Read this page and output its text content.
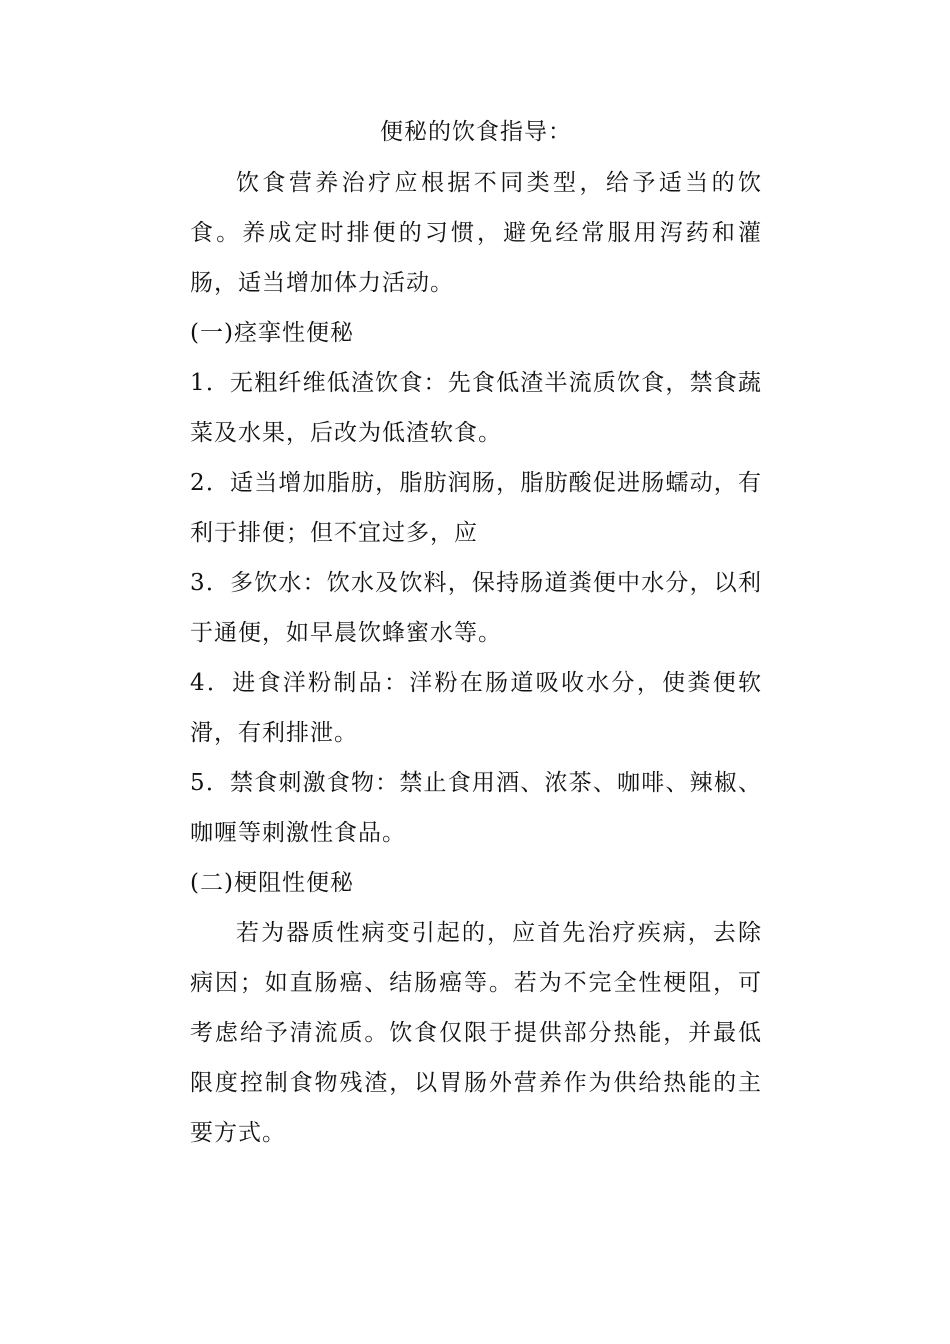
便秘的饮食指导：

饮食营养治疗应根据不同类型，给予适当的饮食。养成定时排便的习惯，避免经常服用泻药和灌肠，适当增加体力活动。

(一)痉挛性便秘

1．无粗纤维低渣饮食：先食低渣半流质饮食，禁食蔬菜及水果，后改为低渣软食。

2．适当增加脂肪，脂肪润肠，脂肪酸促进肠蠕动，有利于排便；但不宜过多，应

3．多饮水：饮水及饮料，保持肠道粪便中水分，以利于通便，如早晨饮蜂蜜水等。

4．进食洋粉制品：洋粉在肠道吸收水分，使粪便软滑，有利排泄。

5．禁食刺激食物：禁止食用酒、浓茶、咖啡、辣椒、咖喱等刺激性食品。

(二)梗阻性便秘

若为器质性病变引起的，应首先治疗疾病，去除病因；如直肠癌、结肠癌等。若为不完全性梗阻，可考虑给予清流质。饮食仅限于提供部分热能，并最低限度控制食物残渣，以胃肠外营养作为供给热能的主要方式。
